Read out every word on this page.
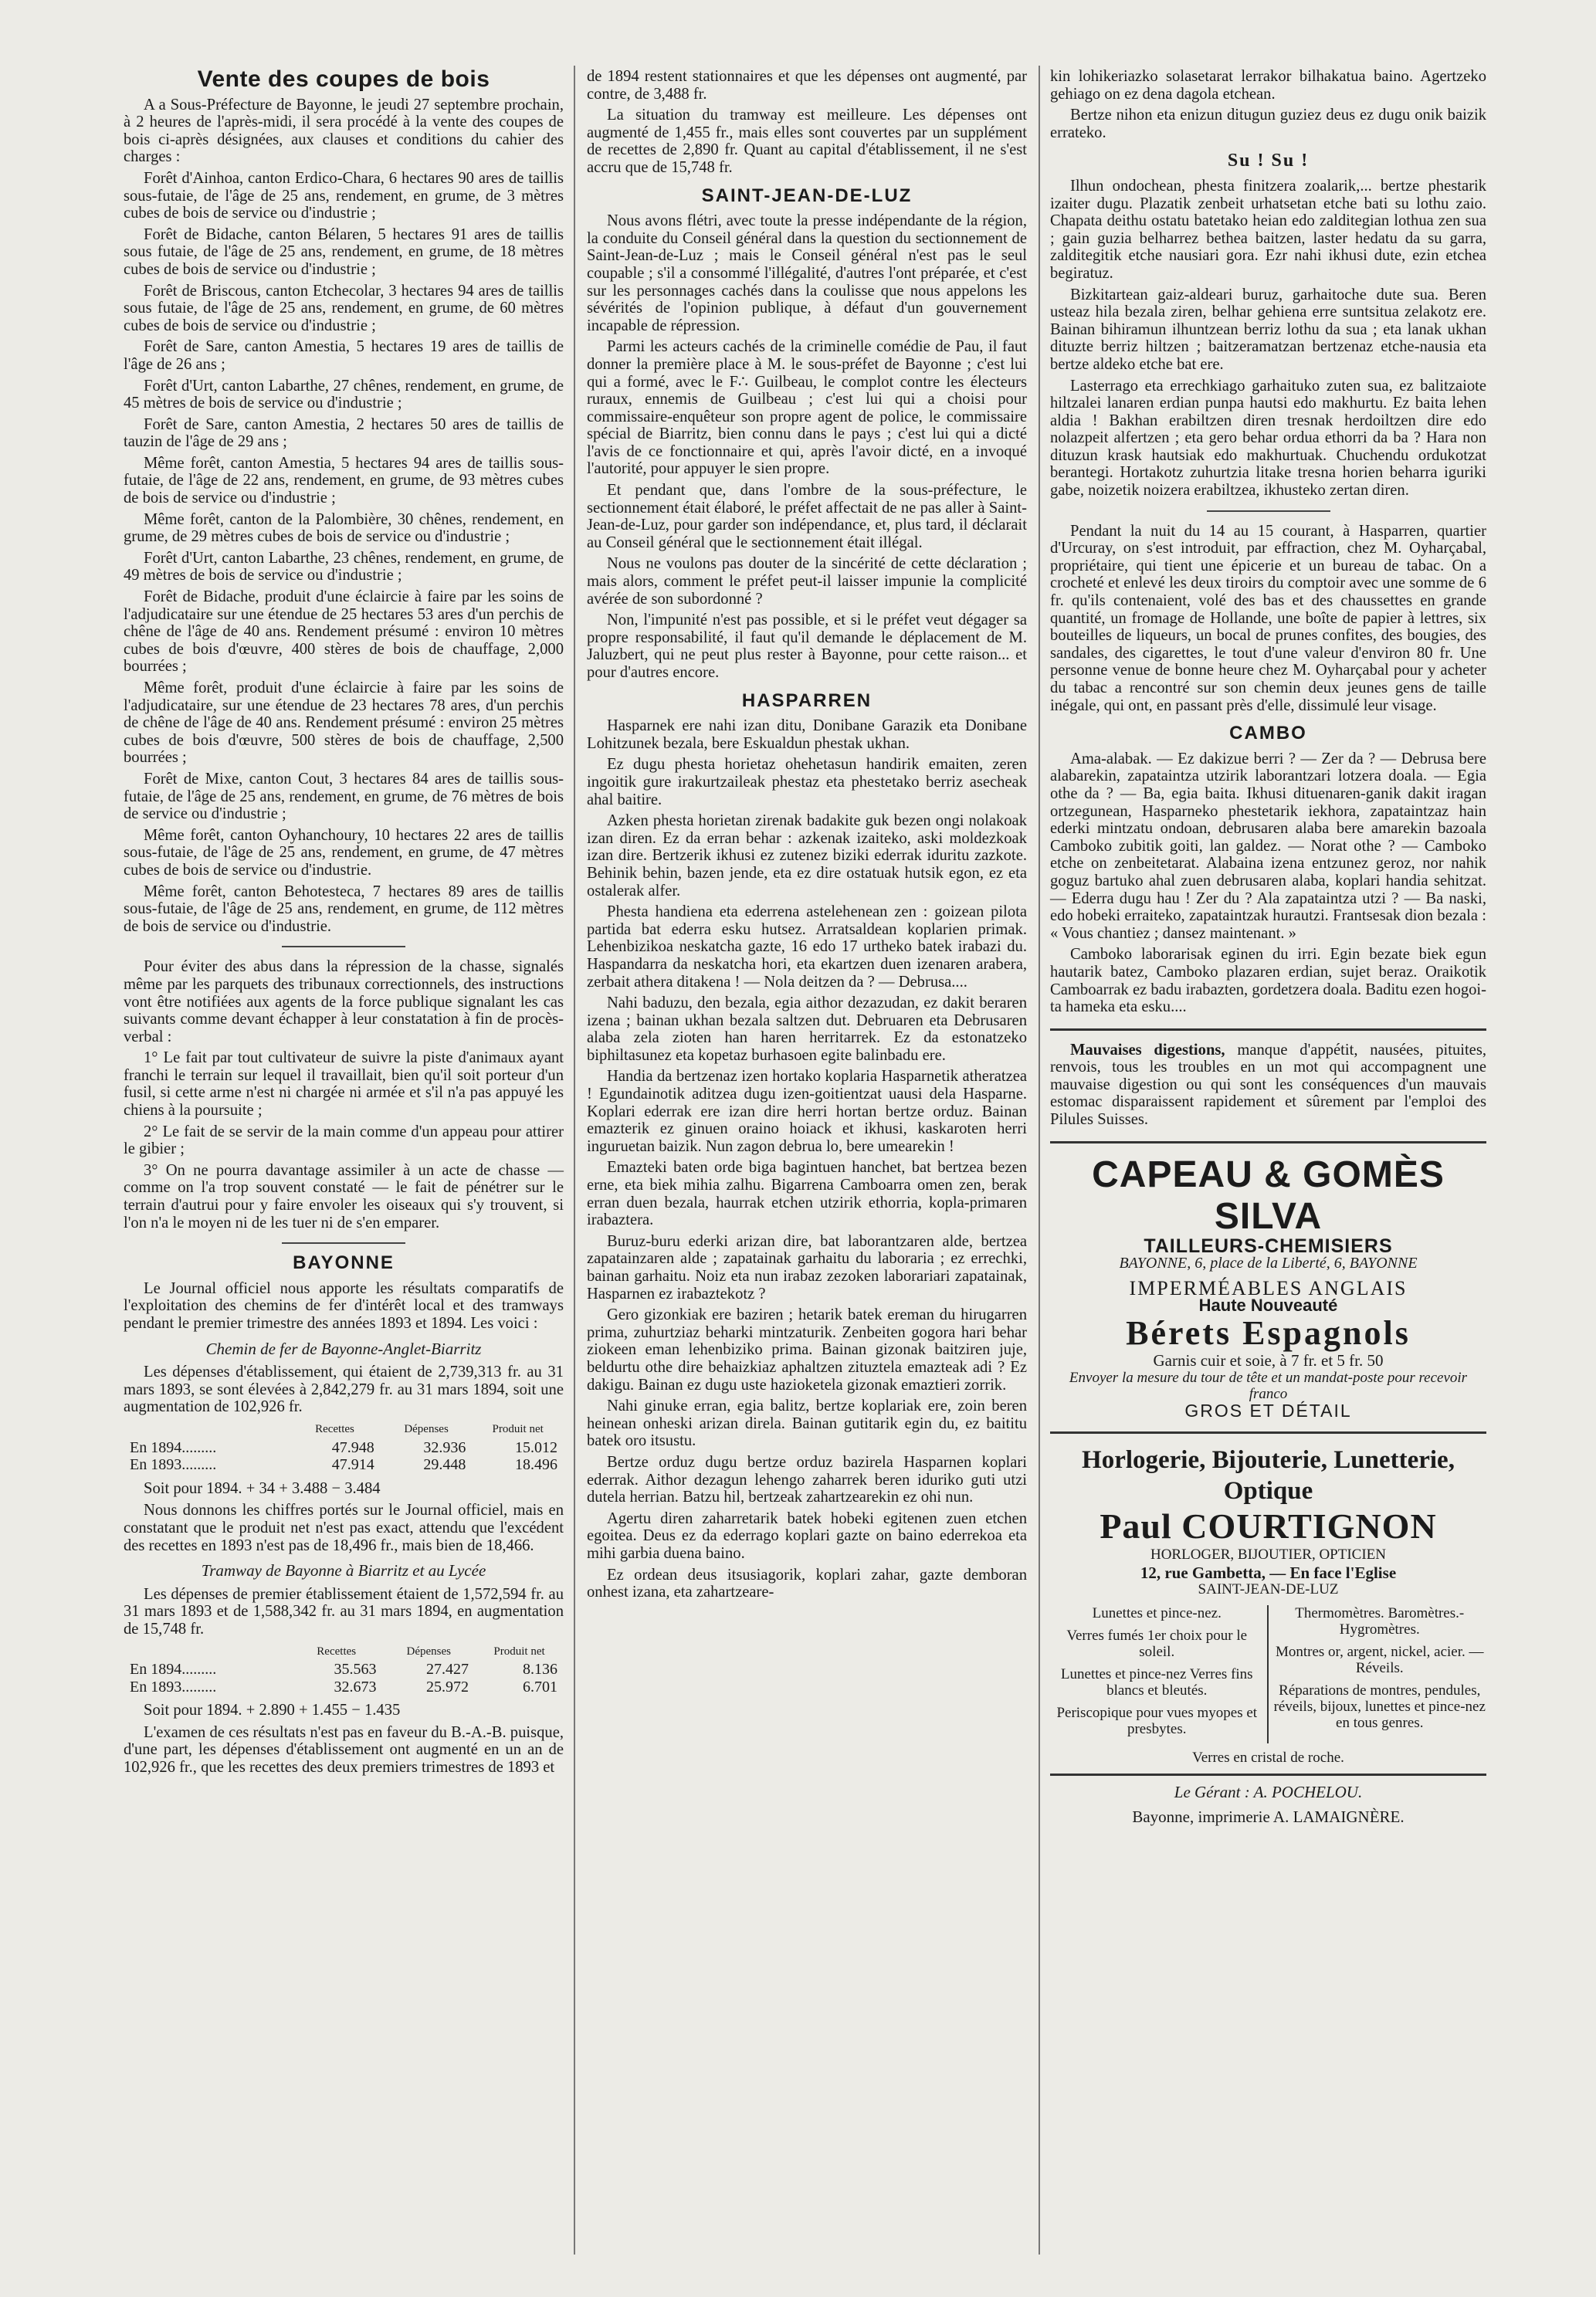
Vente des coupes de bois

A a Sous-Préfecture de Bayonne, le jeudi 27 septembre prochain, à 2 heures de l'après-midi, il sera procédé à la vente des coupes de bois ci-après désignées, aux clauses et conditions du cahier des charges :

Forêt d'Ainhoa, canton Erdico-Chara, 6 hectares 90 ares de taillis sous-futaie, de l'âge de 25 ans, rendement, en grume, de 3 mètres cubes de bois de service ou d'industrie ;

Forêt de Bidache, canton Bélaren, 5 hectares 91 ares de taillis sous futaie, de l'âge de 25 ans, rendement, en grume, de 18 mètres cubes de bois de service ou d'industrie ;

Forêt de Briscous, canton Etchecolar, 3 hectares 94 ares de taillis sous futaie, de l'âge de 25 ans, rendement, en grume, de 60 mètres cubes de bois de service ou d'industrie ;

Forêt de Sare, canton Amestia, 5 hectares 19 ares de taillis de l'âge de 26 ans ;

Forêt d'Urt, canton Labarthe, 27 chênes, rendement, en grume, de 45 mètres de bois de service ou d'industrie ;

Forêt de Sare, canton Amestia, 2 hectares 50 ares de taillis de tauzin de l'âge de 29 ans ;

Même forêt, canton Amestia, 5 hectares 94 ares de taillis sous-futaie, de l'âge de 22 ans, rendement, en grume, de 93 mètres cubes de bois de service ou d'industrie ;

Même forêt, canton de la Palombière, 30 chênes, rendement, en grume, de 29 mètres cubes de bois de service ou d'industrie ;

Forêt d'Urt, canton Labarthe, 23 chênes, rendement, en grume, de 49 mètres de bois de service ou d'industrie ;

Forêt de Bidache, produit d'une éclaircie à faire par les soins de l'adjudicataire sur une étendue de 25 hectares 53 ares d'un perchis de chêne de l'âge de 40 ans. Rendement présumé : environ 10 mètres cubes de bois d'œuvre, 400 stères de bois de chauffage, 2,000 bourrées ;

Même forêt, produit d'une éclaircie à faire par les soins de l'adjudicataire, sur une étendue de 23 hectares 78 ares, d'un perchis de chêne de l'âge de 40 ans. Rendement présumé : environ 25 mètres cubes de bois d'œuvre, 500 stères de bois de chauffage, 2,500 bourrées ;

Forêt de Mixe, canton Cout, 3 hectares 84 ares de taillis sous-futaie, de l'âge de 25 ans, rendement, en grume, de 76 mètres de bois de service ou d'industrie ;

Même forêt, canton Oyhanchoury, 10 hectares 22 ares de taillis sous-futaie, de l'âge de 25 ans, rendement, en grume, de 47 mètres cubes de bois de service ou d'industrie.

Même forêt, canton Behotesteca, 7 hectares 89 ares de taillis sous-futaie, de l'âge de 25 ans, rendement, en grume, de 112 mètres de bois de service ou d'industrie.

Pour éviter des abus dans la répression de la chasse, signalés même par les parquets des tribunaux correctionnels, des instructions vont être notifiées aux agents de la force publique signalant les cas suivants comme devant échapper à leur constatation à fin de procès-verbal :

1° Le fait par tout cultivateur de suivre la piste d'animaux ayant franchi le terrain sur lequel il travaillait, bien qu'il soit porteur d'un fusil, si cette arme n'est ni chargée ni armée et s'il n'a pas appuyé les chiens à la poursuite ;

2° Le fait de se servir de la main comme d'un appeau pour attirer le gibier ;

3° On ne pourra davantage assimiler à un acte de chasse — comme on l'a trop souvent constaté — le fait de pénétrer sur le terrain d'autrui pour y faire envoler les oiseaux qui s'y trouvent, si l'on n'a le moyen ni de les tuer ni de s'en emparer.

BAYONNE

Le Journal officiel nous apporte les résultats comparatifs de l'exploitation des chemins de fer d'intérêt local et des tramways pendant le premier trimestre des années 1893 et 1894. Les voici :

Chemin de fer de Bayonne-Anglet-Biarritz

Les dépenses d'établissement, qui étaient de 2,739,313 fr. au 31 mars 1893, se sont élevées à 2,842,279 fr. au 31 mars 1894, soit une augmentation de 102,926 fr.

	Recettes	Dépenses	Produit net
En 1894.........	47.948	32.936	15.012
En 1893.........	47.914	29.448	18.496
Soit pour 1894. + 34 + 3.488 − 3.484

Nous donnons les chiffres portés sur le Journal officiel, mais en constatant que le produit net n'est pas exact, attendu que l'excédent des recettes en 1893 n'est pas de 18,496 fr., mais bien de 18,466.

Tramway de Bayonne à Biarritz et au Lycée

Les dépenses de premier établissement étaient de 1,572,594 fr. au 31 mars 1893 et de 1,588,342 fr. au 31 mars 1894, en augmentation de 15,748 fr.

	Recettes	Dépenses	Produit net
En 1894.........	35.563	27.427	8.136
En 1893.........	32.673	25.972	6.701
Soit pour 1894. + 2.890 + 1.455 − 1.435

L'examen de ces résultats n'est pas en faveur du B.-A.-B. puisque, d'une part, les dépenses d'établissement ont augmenté en un an de 102,926 fr., que les recettes des deux premiers trimestres de 1893 et

de 1894 restent stationnaires et que les dépenses ont augmenté, par contre, de 3,488 fr.

La situation du tramway est meilleure. Les dépenses ont augmenté de 1,455 fr., mais elles sont couvertes par un supplément de recettes de 2,890 fr. Quant au capital d'établissement, il ne s'est accru que de 15,748 fr.

SAINT-JEAN-DE-LUZ

Nous avons flétri, avec toute la presse indépendante de la région, la conduite du Conseil général dans la question du sectionnement de Saint-Jean-de-Luz ; mais le Conseil général n'est pas le seul coupable ; s'il a consommé l'illégalité, d'autres l'ont préparée, et c'est sur les personnages cachés dans la coulisse que nous appelons les sévérités de l'opinion publique, à défaut d'un gouvernement incapable de répression.

Parmi les acteurs cachés de la criminelle comédie de Pau, il faut donner la première place à M. le sous-préfet de Bayonne ; c'est lui qui a formé, avec le F∴ Guilbeau, le complot contre les électeurs ruraux, ennemis de Guilbeau ; c'est lui qui a choisi pour commissaire-enquêteur son propre agent de police, le commissaire spécial de Biarritz, bien connu dans le pays ; c'est lui qui a dicté l'avis de ce fonctionnaire et qui, après l'avoir dicté, en a invoqué l'autorité, pour appuyer le sien propre.

Et pendant que, dans l'ombre de la sous-préfecture, le sectionnement était élaboré, le préfet affectait de ne pas aller à Saint-Jean-de-Luz, pour garder son indépendance, et, plus tard, il déclarait au Conseil général que le sectionnement était illégal.

Nous ne voulons pas douter de la sincérité de cette déclaration ; mais alors, comment le préfet peut-il laisser impunie la complicité avérée de son subordonné ?

Non, l'impunité n'est pas possible, et si le préfet veut dégager sa propre responsabilité, il faut qu'il demande le déplacement de M. Jaluzbert, qui ne peut plus rester à Bayonne, pour cette raison... et pour d'autres encore.

HASPARREN

Hasparnek ere nahi izan ditu, Donibane Garazik eta Donibane Lohitzunek bezala, bere Eskualdun phestak ukhan.

Ez dugu phesta horietaz ohehetasun handirik emaiten, zeren ingoitik gure irakurtzaileak phestaz eta phestetako berriz asecheak ahal baitire.

Azken phesta horietan zirenak badakite guk bezen ongi nolakoak izan diren. Ez da erran behar : azkenak izaiteko, aski moldezkoak izan dire. Bertzerik ikhusi ez zutenez biziki ederrak iduritu zazkote. Behinik behin, bazen jende, eta ez dire ostatuak hutsik egon, ez eta ostalerak alfer.

Phesta handiena eta ederrena astelehenean zen : goizean pilota partida bat ederra esku hutsez. Arratsaldean koplarien primak. Lehenbizikoa neskatcha gazte, 16 edo 17 urtheko batek irabazi du. Haspandarra da neskatcha hori, eta ekartzen duen izenaren arabera, zerbait athera ditakena ! — Nola deitzen da ? — Debrusa....

Nahi baduzu, den bezala, egia aithor dezazudan, ez dakit beraren izena ; bainan ukhan bezala saltzen dut. Debruaren eta Debrusaren alaba zela zioten han haren herritarrek. Ez da estonatzeko biphiltasunez eta kopetaz burhasoen egite balinbadu ere.

Handia da bertzenaz izen hortako koplaria Hasparnetik atheratzea ! Egundainotik aditzea dugu izen-goitientzat uausi dela Hasparne. Koplari ederrak ere izan dire herri hortan bertze orduz. Bainan emazterik ez ginuen oraino hoiack et ikhusi, kaskaroten herri inguruetan baizik. Nun zagon debrua lo, bere umearekin !

Emazteki baten orde biga bagintuen hanchet, bat bertzea bezen erne, eta biek mihia zalhu. Bigarrena Camboarra omen zen, berak erran duen bezala, haurrak etchen utzirik ethorria, kopla-primaren irabaztera.

Buruz-buru ederki arizan dire, bat laborantzaren alde, bertzea zapatainzaren alde ; zapatainak garhaitu du laborariа ; ez errechki, bainan garhaitu. Noiz eta nun irabaz zezoken laborariari zapatainak, Hasparnen ez irabaztekotz ?

Gero gizonkiak ere baziren ; hetarik batek ereman du hirugarren prima, zuhurtziaz beharki mintzaturik. Zenbeiten gogora hari behar ziokeen eman lehenbiziko prima. Bainan gizonak baitziren juje, beldurtu othe dire behaizkiaz aphaltzen zituztela emazteak adi ? Ez dakigu. Bainan ez dugu uste hazioketela gizonak emaztieri zorrik.

Nahi ginuke erran, egia balitz, bertze koplariak ere, zoin beren heinean onheski arizan direla. Bainan gutitarik egin du, ez baititu batek oro itsustu.

Bertze orduz dugu bertze orduz bazirela Hasparnen koplari ederrak. Aithor dezagun lehengo zaharrek beren iduriko guti utzi dutela herrian. Batzu hil, bertzeak zahartzearekin ez ohi nun.

Agertu diren zaharretarik batek hobeki egitenen zuen etchen egoitea. Deus ez da ederrago koplari gazte on baino ederrekoa eta mihi garbia duena baino.

Ez ordean deus itsusiagorik, koplari zahar, gazte demboran onhest izana, eta zahartzeare-

kin lohikeriazko solasetarat lerrakor bilhakatua baino. Agertzeko gehiago on ez dena dagola etchean.

Bertze nihon eta enizun ditugun guziez deus ez dugu onik baizik errateko.

Su ! Su !

Ilhun ondochean, phesta finitzera zoalarik,... bertze phestarik izaiter dugu. Plazatik zenbeit urhatsetan etche bati su lothu zaio. Chapata deithu ostatu batetako heian edo zalditegian lothua zen sua ; gain guzia belharrez bethea baitzen, laster hedatu da su garra, zalditegitik etche nausiari gora. Ezr nahi ikhusi dute, ezin etchea begiratuz.

Bizkitartean gaiz-aldeari buruz, garhaitoche dute sua. Beren usteаz hila bezala ziren, belhar gehiena erre suntsitua zelakotz ere. Bainan bihiramun ilhuntzean berriz lothu da sua ; eta lanak ukhan dituzte berriz hiltzen ; baitzeramatzan bertzenaz etche-nausia eta bertze aldeko etche bat ere.

Lasterrago eta errechkiago garhaituko zuten sua, ez balitzaiote hiltzalei lanaren erdian punpa hautsi edo makhurtu. Ez baita lehen aldia ! Bakhan erabiltzen diren tresnak herdoiltzen dire edo nolazpeit alfertzen ; eta gero behar ordua ethorri da ba ? Hara non dituzun krask hautsiak edo makhurtuak. Chuchendu ordukotzat berantegi. Hortakotz zuhurtzia litake tresna horien beharra iguriki gabe, noizetik noizera erabiltzea, ikhusteko zertan diren.

Pendant la nuit du 14 au 15 courant, à Hasparren, quartier d'Urcuray, on s'est introduit, par effraction, chez M. Oyharçabal, propriétaire, qui tient une épicerie et un bureau de tabac. On a crocheté et enlevé les deux tiroirs du comptoir avec une somme de 6 fr. qu'ils contenaient, volé des bas et des chaussettes en grande quantité, un fromage de Hollande, une boîte de papier à lettres, six bouteilles de liqueurs, un bocal de prunes confites, des bougies, des sandales, des cigarettes, le tout d'une valeur d'environ 80 fr. Une personne venue de bonne heure chez M. Oyharçabal pour y acheter du tabac a rencontré sur son chemin deux jeunes gens de taille inégale, qui ont, en passant près d'elle, dissimulé leur visage.

CAMBO

Ama-alabak. — Ez dakizue berri ? — Zer da ? — Debrusa bere alabarekin, zapataintza utzirik laborantzari lotzera doala. — Egia othe da ? — Ba, egia baita. Ikhusi dituenaren-ganik dakit iragan ortzegunean, Hasparneko phestetarik iekhora, zapataintzaz hain ederki mintzatu ondoan, debrusaren alaba bere amarekin bazoala Camboko zubitik goiti, lan galdez. — Norat othe ? — Camboko etche on zenbeitetarat. Alabaina izena entzunez geroz, nor nahik goguz bartuko ahal zuen debrusaren alaba, koplari handia sehitzat. — Ederra dugu hau ! Zer du ? Ala zapataintza utzi ? — Ba naski, edo hobeki erraiteko, zapataintzak hurautzi. Frantsesak dion bezala : « Vous chantiez ; dansez maintenant. »

Camboko laborarisak eginen du irri. Egin bezate biek egun hautarik batez, Camboko plazaren erdian, sujet beraz. Oraikotik Camboarrak ez badu irabazten, gordetzera doala. Baditu ezen hogoi-ta hameka eta esku....

Mauvaises digestions, manque d'appétit, nausées, pituites, renvois, tous les troubles en un mot qui accompagnent une mauvaise digestion ou qui sont les conséquences d'un mauvais estomac disparaissent rapidement et sûrement par l'emploi des Pilules Suisses.

CAPEAU & GOMÈS SILVA
TAILLEURS-CHEMISIERS
BAYONNE, 6, place de la Liberté, 6, BAYONNE
IMPERMÉABLES ANGLAIS
Haute Nouveauté
Bérets Espagnols
Garnis cuir et soie, à 7 fr. et 5 fr. 50
Envoyer la mesure du tour de tête et un mandat-poste pour recevoir franco
GROS ET DÉTAIL
Horlogerie, Bijouterie, Lunetterie, Optique
Paul COURTIGNON
HORLOGER, BIJOUTIER, OPTICIEN
12, rue Gambetta, — En face l'Eglise
SAINT-JEAN-DE-LUZ
Lunettes et pince-nez.
Verres fumés 1er choix pour le soleil.
Lunettes et pince-nez Verres fins blancs et bleutés.
Periscopique pour vues myopes et presbytes.
Thermomètres. Baromètres.-Hygromètres.
Montres or, argent, nickel, acier. — Réveils.
Réparations de montres, pendules, réveils, bijoux, lunettes et pince-nez en tous genres.
Verres en cristal de roche.
Le Gérant : A. POCHELOU.
Bayonne, imprimerie A. LAMAIGNÈRE.
